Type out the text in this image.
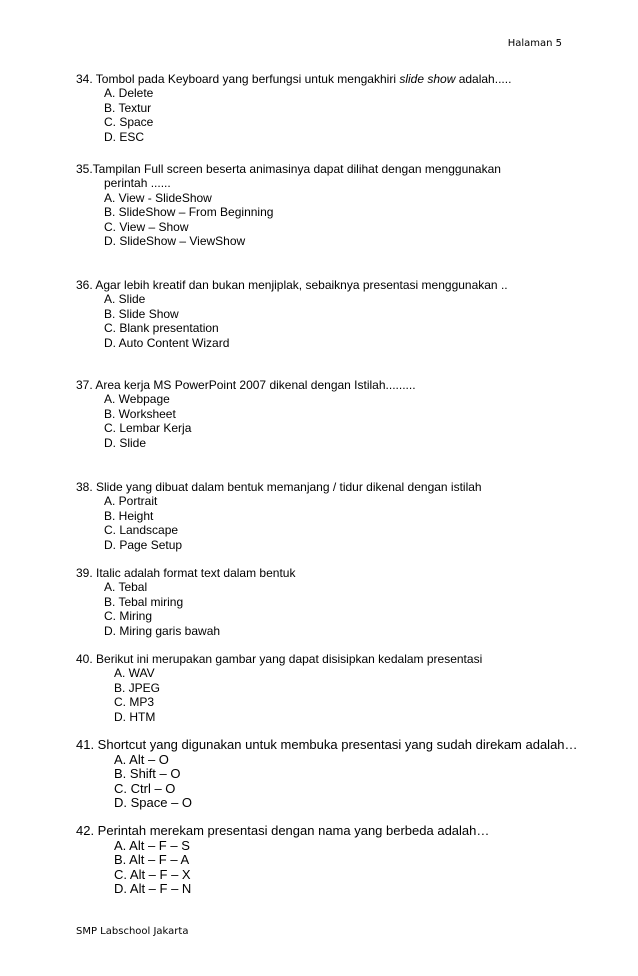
Halaman 5

34. Tombol pada Keyboard yang berfungsi untuk mengakhiri slide show adalah.....

A. Delete
B. Textur
C. Space
D. ESC

35.Tampilan Full screen beserta animasinya dapat dilihat dengan menggunakan

perintah ......

A. View - SlideShow
B. SlideShow – From Beginning
C. View – Show
D. SlideShow – ViewShow

36. Agar lebih kreatif dan bukan menjiplak, sebaiknya presentasi menggunakan ..

A. Slide
B. Slide Show
C. Blank presentation
D. Auto Content Wizard

37. Area kerja MS PowerPoint 2007 dikenal dengan Istilah.........

A. Webpage
B. Worksheet
C. Lembar Kerja
D. Slide

38. Slide yang dibuat dalam bentuk memanjang / tidur dikenal dengan istilah

A. Portrait
B. Height
C. Landscape
D. Page Setup

39. Italic adalah format text dalam bentuk

A. Tebal
B. Tebal miring
C. Miring
D. Miring garis bawah

40. Berikut ini merupakan gambar yang dapat disisipkan kedalam presentasi

A. WAV
B. JPEG
C. MP3
D. HTM

41. Shortcut yang digunakan untuk membuka presentasi yang sudah direkam adalah…

A. Alt – O
B. Shift – O
C. Ctrl – O
D. Space – O

42. Perintah merekam presentasi dengan nama yang berbeda adalah…

A. Alt – F – S
B. Alt – F – A
C. Alt – F – X
D. Alt – F – N
SMP Labschool Jakarta
